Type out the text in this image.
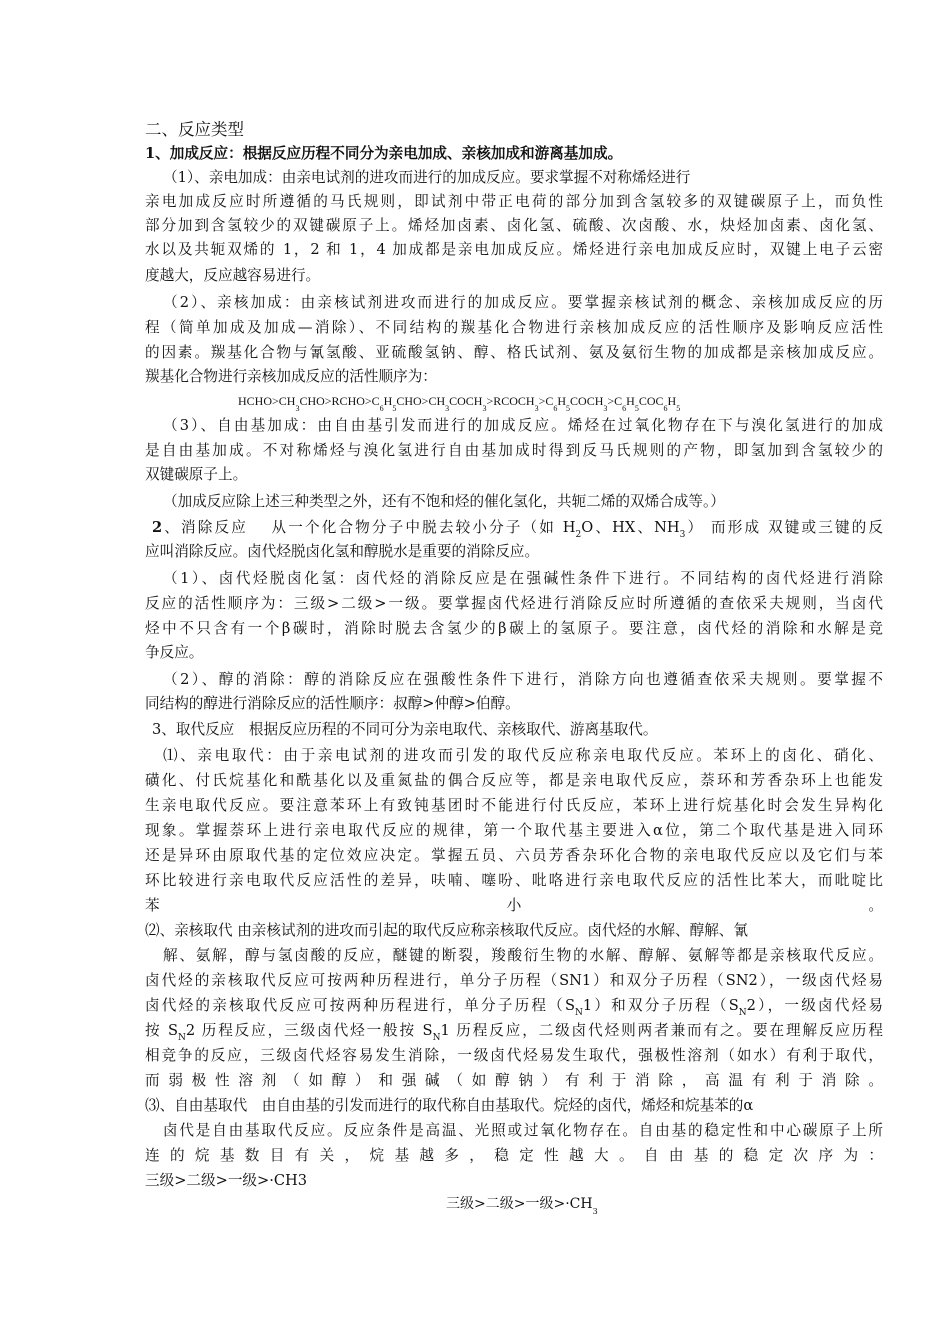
二、反应类型
1、加成反应：根据反应历程不同分为亲电加成、亲核加成和游离基加成。
（1）、亲电加成：由亲电试剂的进攻而进行的加成反应。要求掌握不对称烯烃进行
亲电加成反应时所遵循的马氏规则，即试剂中带正电荷的部分加到含氢较多的双键碳原子上，而负性
部分加到含氢较少的双键碳原子上。烯烃加卤素、卤化氢、硫酸、次卤酸、水，炔烃加卤素、卤化氢、
水以及共轭双烯的 1，2 和 1，4 加成都是亲电加成反应。烯烃进行亲电加成反应时，双键上电子云密
度越大，反应越容易进行。
（2）、亲核加成：由亲核试剂进攻而进行的加成反应。要掌握亲核试剂的概念、亲核加成反应的历
程（简单加成及加成—消除）、不同结构的羰基化合物进行亲核加成反应的活性顺序及影响反应活性
的因素。羰基化合物与氰氢酸、亚硫酸氢钠、醇、格氏试剂、氨及氨衍生物的加成都是亲核加成反应。
羰基化合物进行亲核加成反应的活性顺序为：
$HCHO>CH_3CHO>RCHO>C_6H_5CHO>CH_3COCH_3>RCOCH_3>C_6H_5COCH_3>C_6H_5COC_6H_5$
（3）、自由基加成：由自由基引发而进行的加成反应。烯烃在过氧化物存在下与溴化氢进行的加成
是自由基加成。不对称烯烃与溴化氢进行自由基加成时得到反马氏规则的产物，即氢加到含氢较少的
双键碳原子上。
（加成反应除上述三种类型之外，还有不饱和烃的催化氢化，共轭二烯的双烯合成等。）
2、消除反应　 从一个化合物分子中脱去较小分子（如 $H_2O$、HX、$NH_3$） 而形成 双键或三键的反
应叫消除反应。卤代烃脱卤化氢和醇脱水是重要的消除反应。
（1）、卤代烃脱卤化氢：卤代烃的消除反应是在强碱性条件下进行。不同结构的卤代烃进行消除
反应的活性顺序为：三级>二级>一级。要掌握卤代烃进行消除反应时所遵循的查依采夫规则，当卤代
烃中不只含有一个β碳时，消除时脱去含氢少的β碳上的氢原子。要注意，卤代烃的消除和水解是竞
争反应。
（2）、醇的消除：醇的消除反应在强酸性条件下进行，消除方向也遵循查依采夫规则。要掌握不
同结构的醇进行消除反应的活性顺序：叔醇>仲醇>伯醇。
3、取代反应　根据反应历程的不同可分为亲电取代、亲核取代、游离基取代。
⑴、亲电取代：由于亲电试剂的进攻而引发的取代反应称亲电取代反应。苯环上的卤化、硝化、
磺化、付氏烷基化和酰基化以及重氮盐的偶合反应等，都是亲电取代反应，萘环和芳香杂环上也能发
生亲电取代反应。要注意苯环上有致钝基团时不能进行付氏反应，苯环上进行烷基化时会发生异构化
现象。掌握萘环上进行亲电取代反应的规律，第一个取代基主要进入α位，第二个取代基是进入同环
还是异环由原取代基的定位效应决定。掌握五员、六员芳香杂环化合物的亲电取代反应以及它们与苯
环比较进行亲电取代反应活性的差异，呋喃、噻吩、吡咯进行亲电取代反应的活性比苯大，而吡啶比
苯小。
⑵、亲核取代 由亲核试剂的进攻而引起的取代反应称亲核取代反应。卤代烃的水解、醇解、氰
解、氨解，醇与氢卤酸的反应，醚键的断裂，羧酸衍生物的水解、醇解、氨解等都是亲核取代反应。
卤代烃的亲核取代反应可按两种历程进行，单分子历程（SN1）和双分子历程（SN2），一级卤代烃易
卤代烃的亲核取代反应可按两种历程进行，单分子历程$(S_N1)$和双分子历程$(S_N2)$，一级卤代烃易
按 $S_N2$ 历程反应，三级卤代烃一般按 $S_N1$ 历程反应，二级卤代烃则两者兼而有之。要在理解反应历程
相竞争的反应，三级卤代烃容易发生消除，一级卤代烃易发生取代，强极性溶剂（如水）有利于取代，
而弱极性溶剂（如醇）和强碱（如醇钠）有利于消除，高温有利于消除。
⑶、自由基取代　由自由基的引发而进行的取代称自由基取代。烷烃的卤代，烯烃和烷基苯的α
卤代是自由基取代反应。反应条件是高温、光照或过氧化物存在。自由基的稳定性和中心碳原子上所
连的烷基数目有关，烷基越多，稳定性越大。自由基的稳定次序为：
三级>二级>一级>·CH3
三级>二级>一级$>\cdot CH_3$
